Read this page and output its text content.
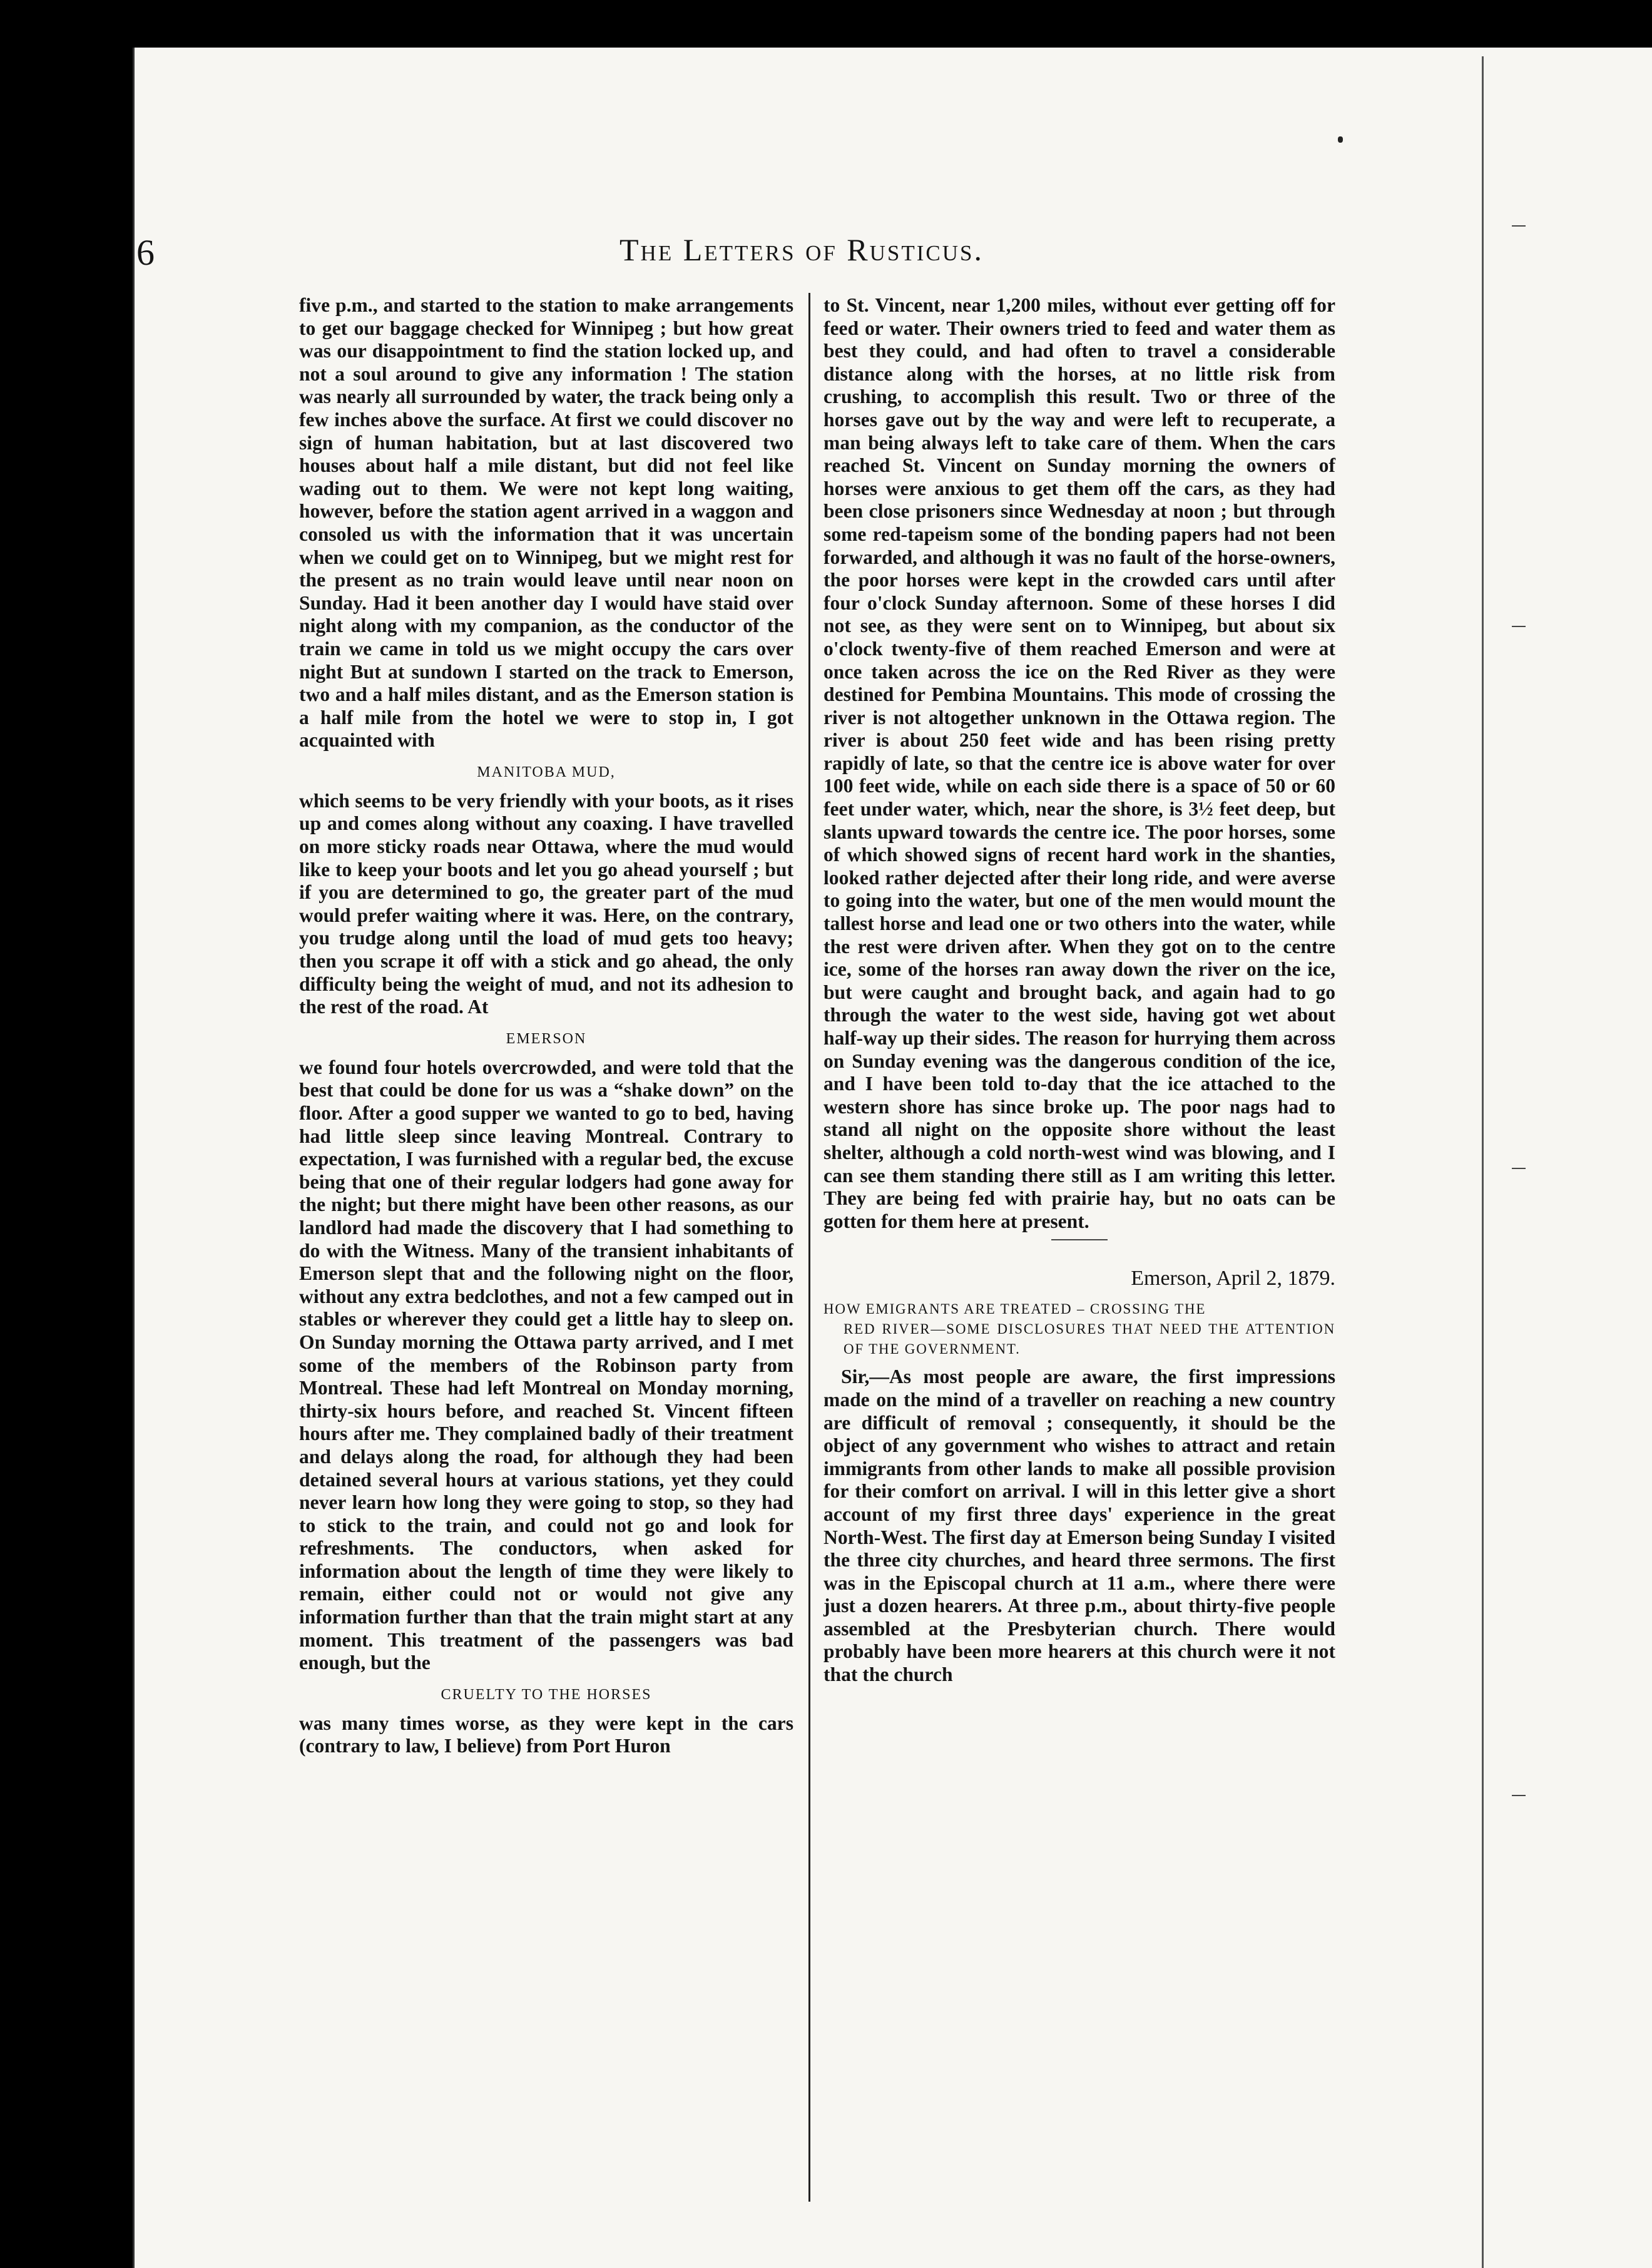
6	The Letters of Rusticus.

five p.m., and started to the station to make arrangements to get our baggage checked for Winnipeg ; but how great was our disappointment to find the station locked up, and not a soul around to give any information ! The station was nearly all surrounded by water, the track being only a few inches above the surface. At first we could discover no sign of human habitation, but at last discovered two houses about half a mile distant, but did not feel like wading out to them. We were not kept long waiting, however, before the station agent arrived in a waggon and consoled us with the information that it was uncertain when we could get on to Winnipeg, but we might rest for the present as no train would leave until near noon on Sunday. Had it been another day I would have staid over night along with my companion, as the conductor of the train we came in told us we might occupy the cars over night But at sundown I started on the track to Emerson, two and a half miles distant, and as the Emerson station is a half mile from the hotel we were to stop in, I got acquainted with

MANITOBA MUD,

which seems to be very friendly with your boots, as it rises up and comes along without any coaxing. I have travelled on more sticky roads near Ottawa, where the mud would like to keep your boots and let you go ahead yourself ; but if you are determined to go, the greater part of the mud would prefer waiting where it was. Here, on the contrary, you trudge along until the load of mud gets too heavy; then you scrape it off with a stick and go ahead, the only difficulty being the weight of mud, and not its adhesion to the rest of the road. At

EMERSON

we found four hotels overcrowded, and were told that the best that could be done for us was a “shake down” on the floor. After a good supper we wanted to go to bed, having had little sleep since leaving Montreal. Contrary to expectation, I was furnished with a regular bed, the excuse being that one of their regular lodgers had gone away for the night; but there might have been other reasons, as our landlord had made the discovery that I had something to do with the Witness. Many of the transient inhabitants of Emerson slept that and the following night on the floor, without any extra bedclothes, and not a few camped out in stables or wherever they could get a little hay to sleep on. On Sunday morning the Ottawa party arrived, and I met some of the members of the Robinson party from Montreal. These had left Montreal on Monday morning, thirty-six hours before, and reached St. Vincent fifteen hours after me. They complained badly of their treatment and delays along the road, for although they had been detained several hours at various stations, yet they could never learn how long they were going to stop, so they had to stick to the train, and could not go and look for refreshments. The conductors, when asked for information about the length of time they were likely to remain, either could not or would not give any information further than that the train might start at any moment. This treatment of the passengers was bad enough, but the

CRUELTY TO THE HORSES

was many times worse, as they were kept in the cars (contrary to law, I believe) from Port Huron

to St. Vincent, near 1,200 miles, without ever getting off for feed or water. Their owners tried to feed and water them as best they could, and had often to travel a considerable distance along with the horses, at no little risk from crushing, to accomplish this result. Two or three of the horses gave out by the way and were left to recuperate, a man being always left to take care of them. When the cars reached St. Vincent on Sunday morning the owners of horses were anxious to get them off the cars, as they had been close prisoners since Wednesday at noon ; but through some red-tapeism some of the bonding papers had not been forwarded, and although it was no fault of the horse-owners, the poor horses were kept in the crowded cars until after four o'clock Sunday afternoon. Some of these horses I did not see, as they were sent on to Winnipeg, but about six o'clock twenty-five of them reached Emerson and were at once taken across the ice on the Red River as they were destined for Pembina Mountains. This mode of crossing the river is not altogether unknown in the Ottawa region. The river is about 250 feet wide and has been rising pretty rapidly of late, so that the centre ice is above water for over 100 feet wide, while on each side there is a space of 50 or 60 feet under water, which, near the shore, is 3½ feet deep, but slants upward towards the centre ice. The poor horses, some of which showed signs of recent hard work in the shanties, looked rather dejected after their long ride, and were averse to going into the water, but one of the men would mount the tallest horse and lead one or two others into the water, while the rest were driven after. When they got on to the centre ice, some of the horses ran away down the river on the ice, but were caught and brought back, and again had to go through the water to the west side, having got wet about half-way up their sides. The reason for hurrying them across on Sunday evening was the dangerous condition of the ice, and I have been told to-day that the ice attached to the western shore has since broke up. The poor nags had to stand all night on the opposite shore without the least shelter, although a cold north-west wind was blowing, and I can see them standing there still as I am writing this letter. They are being fed with prairie hay, but no oats can be gotten for them here at present.

Emerson, April 2, 1879.
HOW EMIGRANTS ARE TREATED – CROSSING THE
RED RIVER—SOME DISCLOSURES THAT NEED THE ATTENTION OF THE GOVERNMENT.

Sir,—As most people are aware, the first impressions made on the mind of a traveller on reaching a new country are difficult of removal ; consequently, it should be the object of any government who wishes to attract and retain immigrants from other lands to make all possible provision for their comfort on arrival. I will in this letter give a short account of my first three days' experience in the great North-West. The first day at Emerson being Sunday I visited the three city churches, and heard three sermons. The first was in the Episcopal church at 11 a.m., where there were just a dozen hearers. At three p.m., about thirty-five people assembled at the Presbyterian church. There would probably have been more hearers at this church were it not that the church
